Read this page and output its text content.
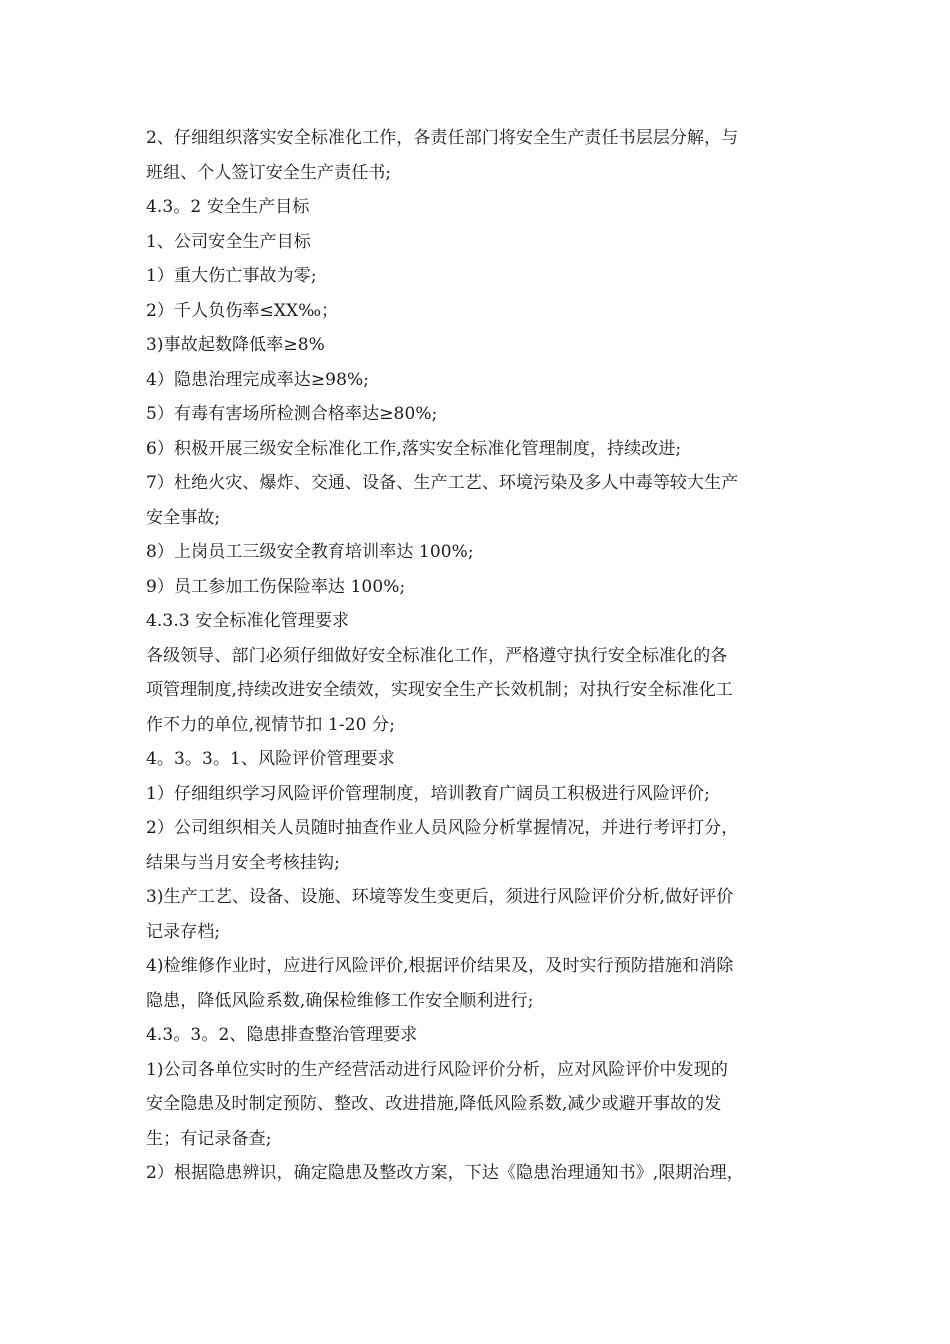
2、仔细组织落实安全标准化工作，各责任部门将安全生产责任书层层分解，与
班组、个人签订安全生产责任书;
4.3。2 安全生产目标
1、公司安全生产目标
1）重大伤亡事故为零;
2）千人负伤率≤XX‰；
3)事故起数降低率≥8%
4）隐患治理完成率达≥98%;
5）有毒有害场所检测合格率达≥80%;
6）积极开展三级安全标准化工作,落实安全标准化管理制度，持续改进;
7）杜绝火灾、爆炸、交通、设备、生产工艺、环境污染及多人中毒等较大生产
安全事故;
8）上岗员工三级安全教育培训率达 100%;
9）员工参加工伤保险率达 100%;
4.3.3 安全标准化管理要求
各级领导、部门必须仔细做好安全标准化工作，严格遵守执行安全标准化的各
项管理制度,持续改进安全绩效，实现安全生产长效机制；对执行安全标准化工
作不力的单位,视情节扣 1-20 分;
4。3。3。1、风险评价管理要求
1）仔细组织学习风险评价管理制度，培训教育广阔员工积极进行风险评价;
2）公司组织相关人员随时抽查作业人员风险分析掌握情况，并进行考评打分，
结果与当月安全考核挂钩;
3)生产工艺、设备、设施、环境等发生变更后，须进行风险评价分析,做好评价
记录存档;
4)检维修作业时，应进行风险评价,根据评价结果及，及时实行预防措施和消除
隐患，降低风险系数,确保检维修工作安全顺利进行;
4.3。3。2、隐患排查整治管理要求
1)公司各单位实时的生产经营活动进行风险评价分析，应对风险评价中发现的
安全隐患及时制定预防、整改、改进措施,降低风险系数,减少或避开事故的发
生；有记录备查;
2）根据隐患辨识，确定隐患及整改方案，下达《隐患治理通知书》,限期治理，
